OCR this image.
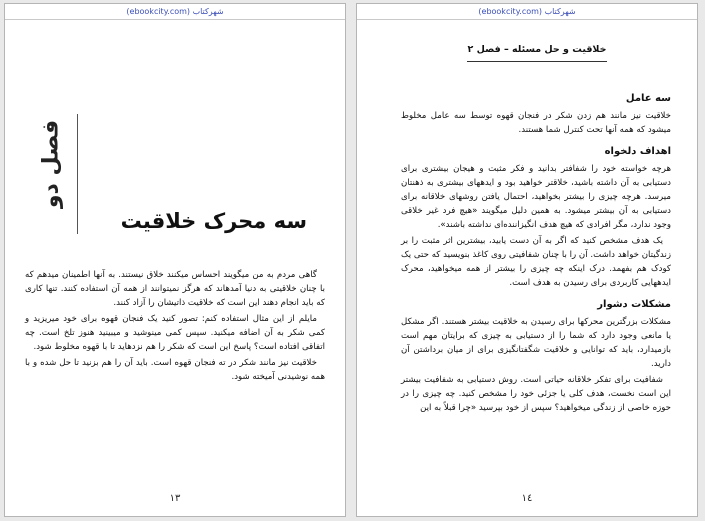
شهرکتاب (ebookcity.com)
فصل دو
سه محرک خلاقیت

گاهی مردم به من میگویند احساس میکنند خلاق نیستند. به آنها اطمینان میدهم که با چنان خلاقیتی به دنیا آمدهاند که هرگز نمیتوانند از همه آن استفاده کنند. تنها کاری که باید انجام دهند این است که خلاقیت ذاتیشان را آزاد کنند.

مایلم از این مثال استفاده کنم: تصور کنید یک فنجان قهوه برای خود میریزید و کمی شکر به آن اضافه میکنید. سپس کمی مینوشید و میبینید هنوز تلخ است. چه اتفاقی افتاده است؟ پاسخ این است که شکر را هم نزدهاید تا با قهوه مخلوط شود.

خلاقیت نیز مانند شکر در ته فنجان قهوه است. باید آن را هم بزنید تا حل شده و با همه نوشیدنی آمیخته شود.

١٣
شهرکتاب (ebookcity.com)
خلاقیت و حل مسئله – فصل ۲
سه عامل

خلاقیت نیز مانند هم زدن شکر در فنجان قهوه توسط سه عامل مخلوط میشود که همه آنها تحت کنترل شما هستند.

اهداف دلخواه

هرچه خواسته خود را شفافتر بدانید و فکر مثبت و هیجان بیشتری برای دستیابی به آن داشته باشید، خلاقتر خواهید بود و ایدههای بیشتری به ذهنتان میرسد. هرچه چیزی را بیشتر بخواهید، احتمال یافتن روشهای خلاقانه برای دستیابی به آن بیشتر میشود. به همین دلیل میگویند «هیچ فرد غیر خلاقی وجود ندارد، مگر افرادی که هیچ هدف انگیزاننده‌ای نداشته باشند».

یک هدف مشخص کنید که اگر به آن دست یابید، بیشترین اثر مثبت را بر زندگیتان خواهد داشت. آن را با چنان شفافیتی روی کاغذ بنویسید که حتی یک کودک هم بفهمد. درک اینکه چه چیزی را بیشتر از همه میخواهید، محرک ایدههایی کاربردی برای رسیدن به هدف است.

مشکلات دشوار

مشکلات بزرگترین محرکها برای رسیدن به خلاقیت بیشتر هستند. اگر مشکل یا مانعی وجود دارد که شما را از دستیابی به چیزی که برایتان مهم است بازمیدارد، باید که توانایی و خلاقیت شگفتانگیزی برای از میان برداشتن آن دارید.

شفافیت برای تفکر خلاقانه حیاتی است. روش دستیابی به شفافیت بیشتر این است نخست، هدف کلی یا جزئی خود را مشخص کنید. چه چیزی را در حوزه خاصی از زندگی میخواهید؟ سپس از خود بپرسید «چرا قبلاً به این

١٤
